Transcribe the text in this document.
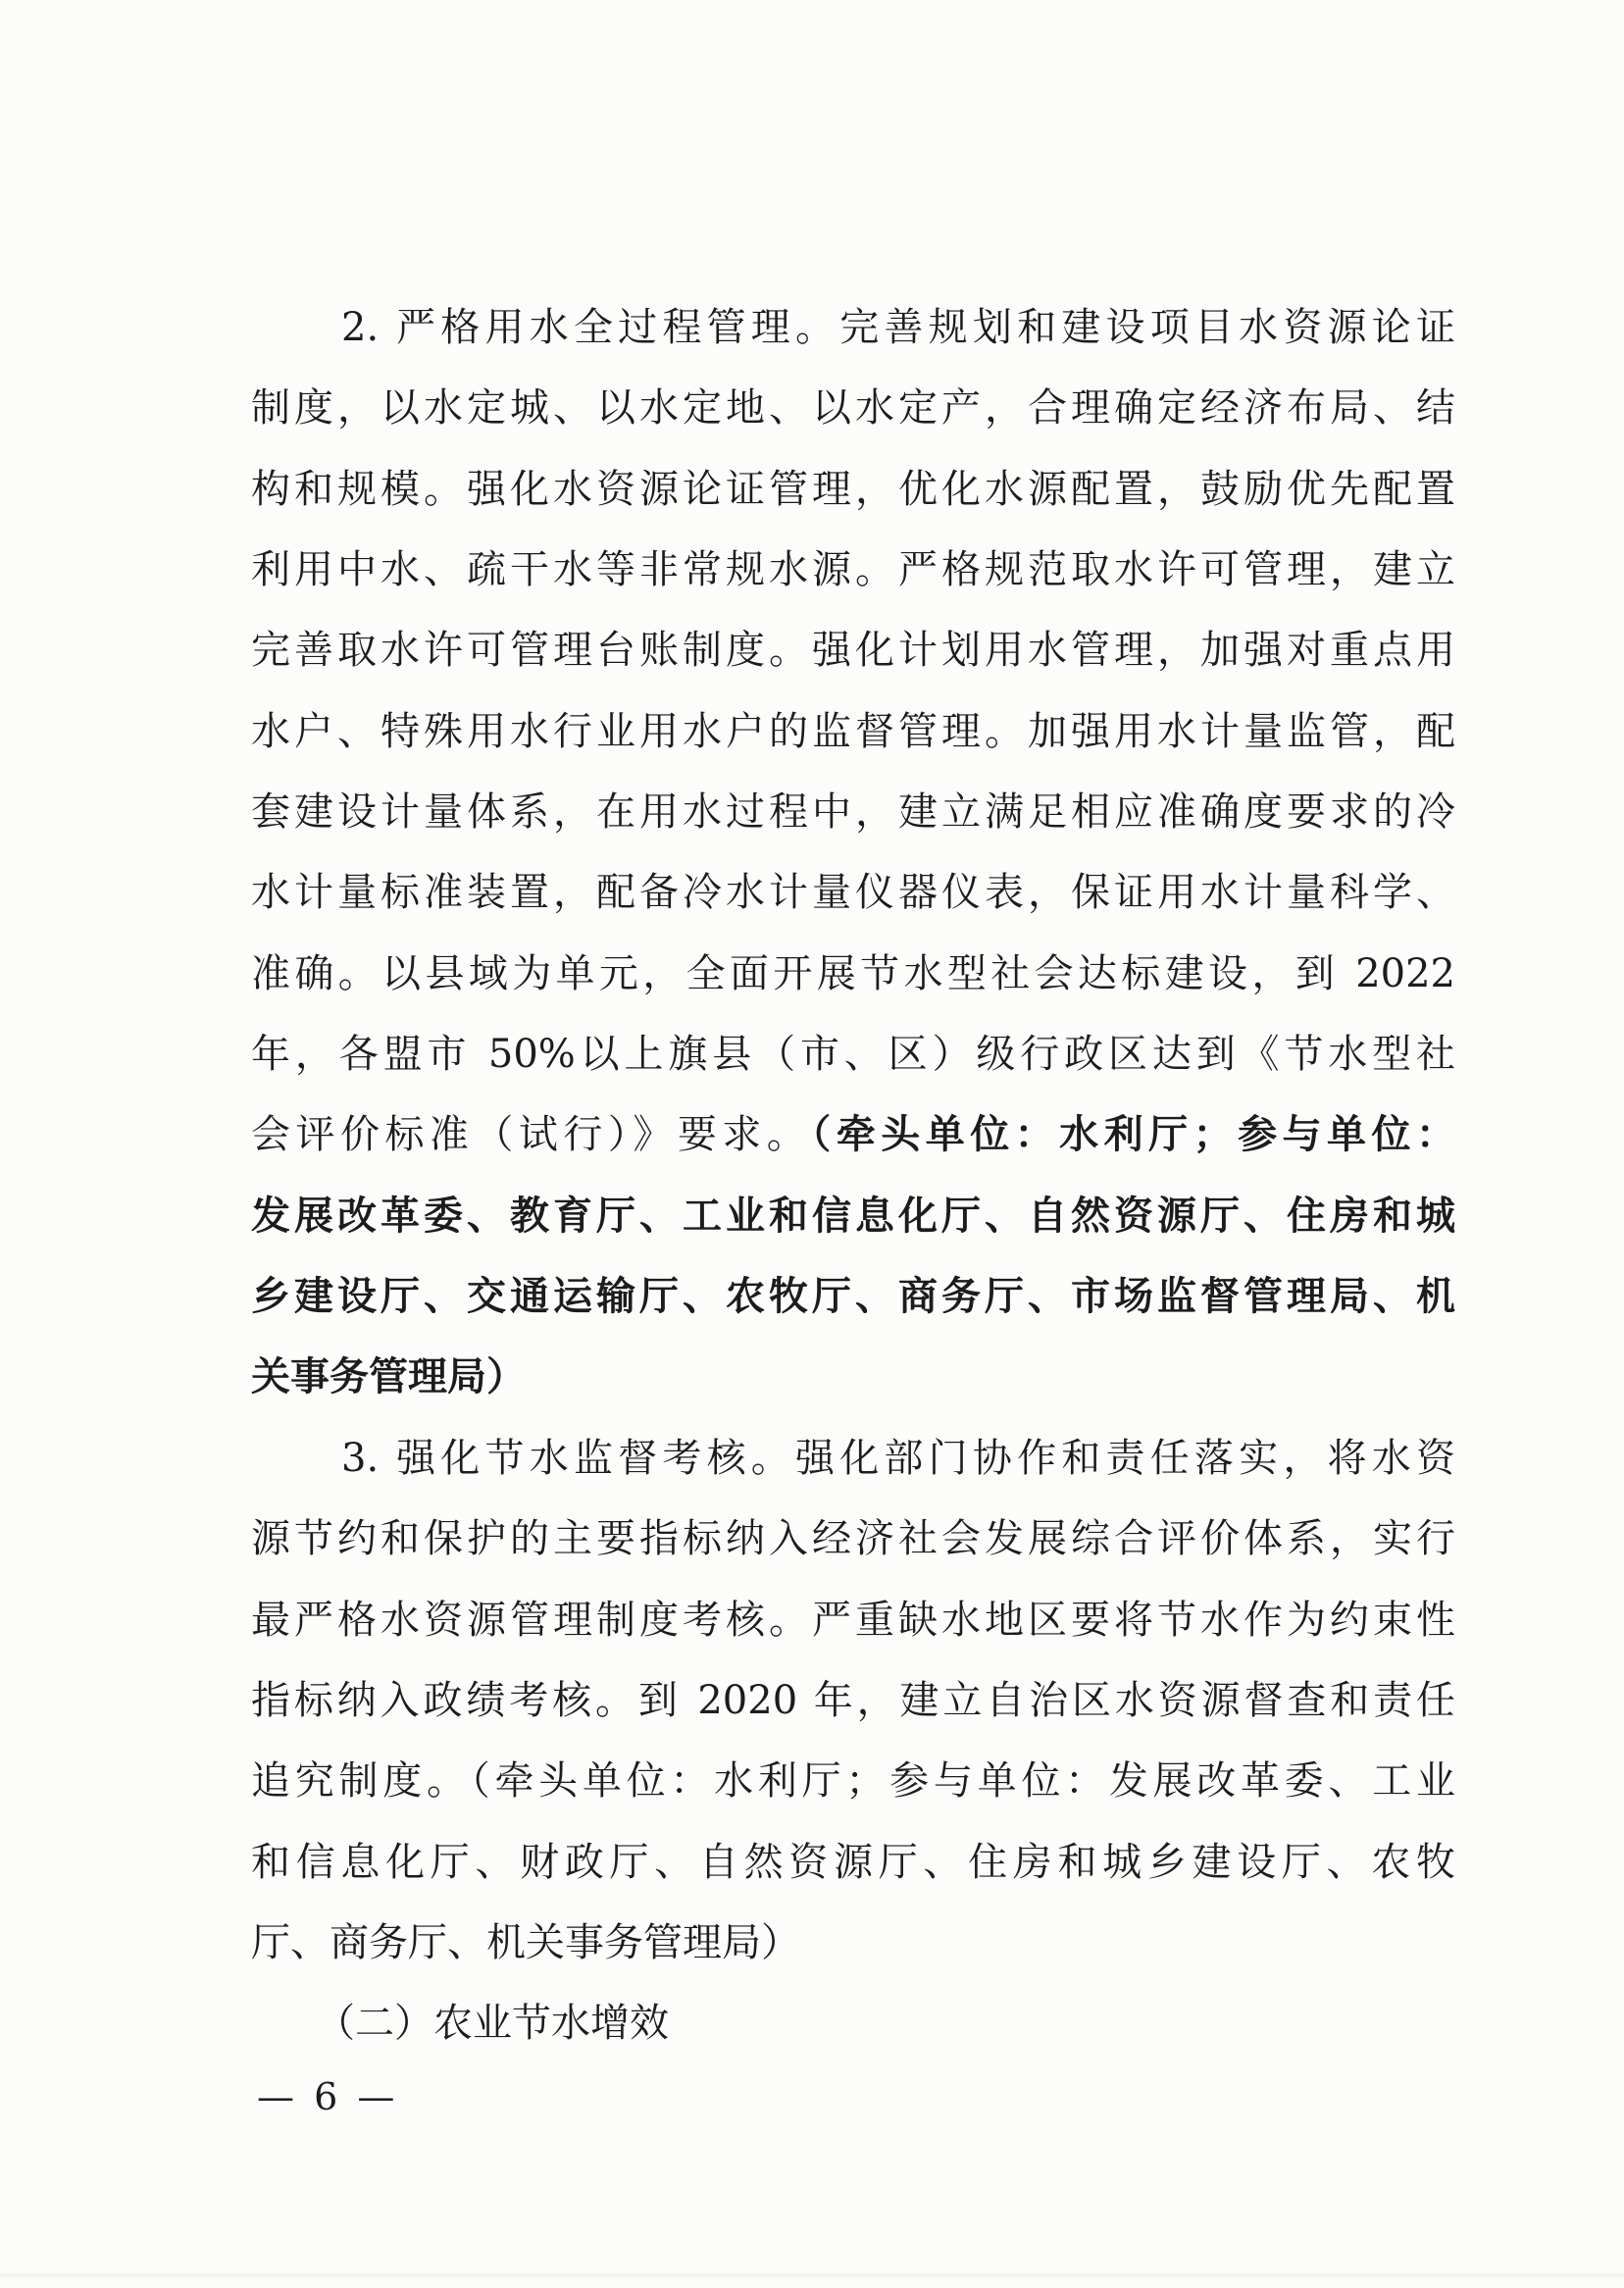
2. 严格用水全过程管理。完善规划和建设项目水资源论证
制度，以水定城、以水定地、以水定产，合理确定经济布局、结
构和规模。强化水资源论证管理，优化水源配置，鼓励优先配置
利用中水、疏干水等非常规水源。严格规范取水许可管理，建立
完善取水许可管理台账制度。强化计划用水管理，加强对重点用
水户、特殊用水行业用水户的监督管理。加强用水计量监管，配
套建设计量体系，在用水过程中，建立满足相应准确度要求的冷
水计量标准装置，配备冷水计量仪器仪表，保证用水计量科学、
准确。以县域为单元，全面开展节水型社会达标建设，到 2022
年，各盟市 50%以上旗县（市、区）级行政区达到《节水型社
会评价标准（试行）》要求。（牵头单位：水利厅；参与单位：
发展改革委、教育厅、工业和信息化厅、自然资源厅、住房和城
乡建设厅、交通运输厅、农牧厅、商务厅、市场监督管理局、机
关事务管理局）
3. 强化节水监督考核。强化部门协作和责任落实，将水资
源节约和保护的主要指标纳入经济社会发展综合评价体系，实行
最严格水资源管理制度考核。严重缺水地区要将节水作为约束性
指标纳入政绩考核。到 2020 年，建立自治区水资源督查和责任
追究制度。（牵头单位：水利厅；参与单位：发展改革委、工业
和信息化厅、财政厅、自然资源厅、住房和城乡建设厅、农牧
厅、商务厅、机关事务管理局）
（二）农业节水增效
— 6 —
